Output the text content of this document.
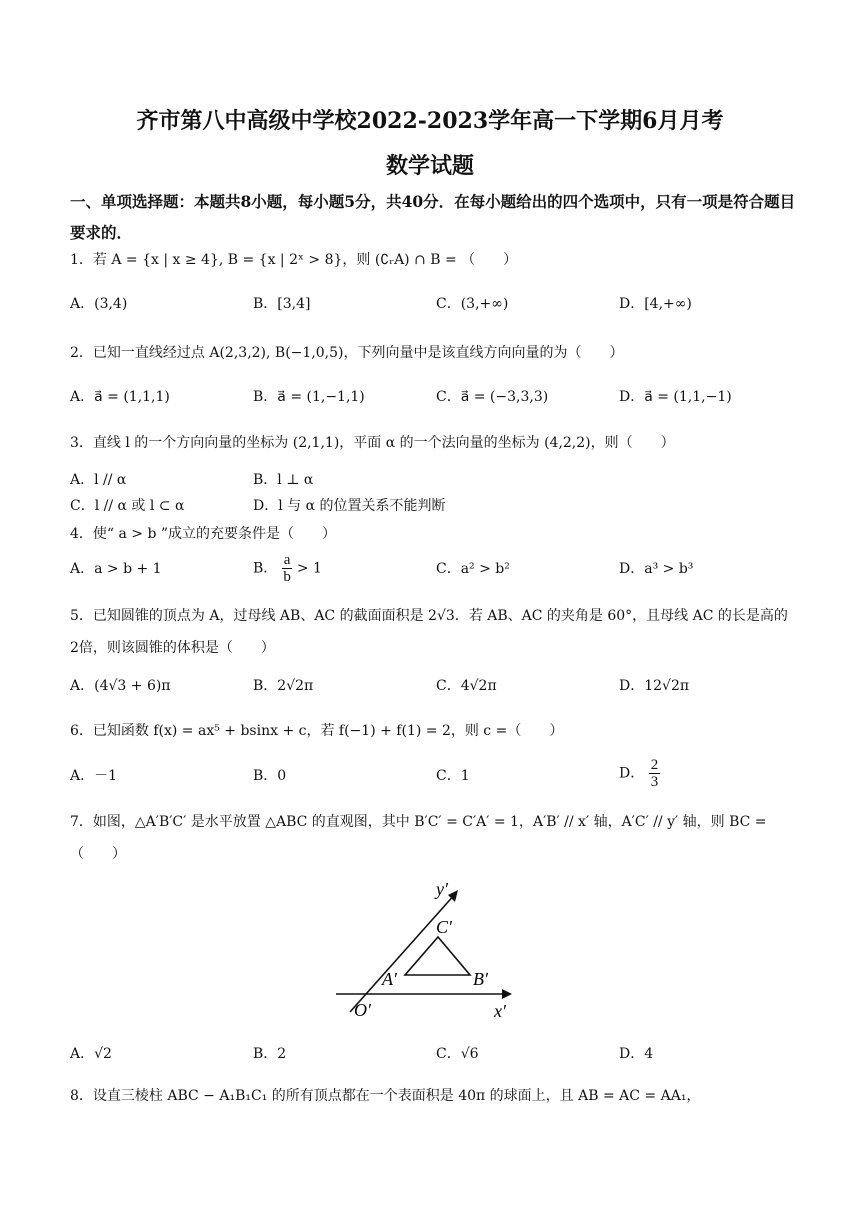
齐市第八中高级中学校2022-2023学年高一下学期6月月考
数学试题
一、单项选择题：本题共8小题，每小题5分，共40分．在每小题给出的四个选项中，只有一项是符合题目要求的．
1．若 A = {x | x ≥ 4}, B = {x | 2ˣ > 8}，则 (∁ᵣA) ∩ B = （　　）
A．(3,4)	B．[3,4]	C．(3,+∞)	D．[4,+∞)
2．已知一直线经过点 A(2,3,2), B(−1,0,5)，下列向量中是该直线方向向量的为（　　）
A．a⃗ = (1,1,1)	B．a⃗ = (1,−1,1)	C．a⃗ = (−3,3,3)	D．a⃗ = (1,1,−1)
3．直线 l 的一个方向向量的坐标为 (2,1,1)，平面 α 的一个法向量的坐标为 (4,2,2)，则（　　）
A．l // α	B．l ⊥ α
C．l // α 或 l ⊂ α	D．l 与 α 的位置关系不能判断
4．使“ a > b ”成立的充要条件是（　　）
A．a > b + 1	B． $\frac{a}{b} > 1$	C．a² > b²	D．a³ > b³
5．已知圆锥的顶点为 A，过母线 AB、AC 的截面面积是 2√3．若 AB、AC 的夹角是 60°，且母线 AC 的长是高的2倍，则该圆锥的体积是（　　）
A．(4√3 + 6)π	B．2√2π	C．4√2π	D．12√2π
6．已知函数 f(x) = ax⁵ + bsinx + c，若 f(−1) + f(1) = 2，则 c =（　　）
A．－1	B．0	C．1	D． $\frac{2}{3}$
7．如图，△A′B′C′ 是水平放置 △ABC 的直观图，其中 B′C′ = C′A′ = 1，A′B′ // x′ 轴，A′C′ // y′ 轴，则 BC =（　　）
y′
x′
O′
A′	B′
C′
A．√2	B．2	C．√6	D．4
8．设直三棱柱 ABC − A₁B₁C₁ 的所有顶点都在一个表面积是 40π 的球面上，且 AB = AC = AA₁，
